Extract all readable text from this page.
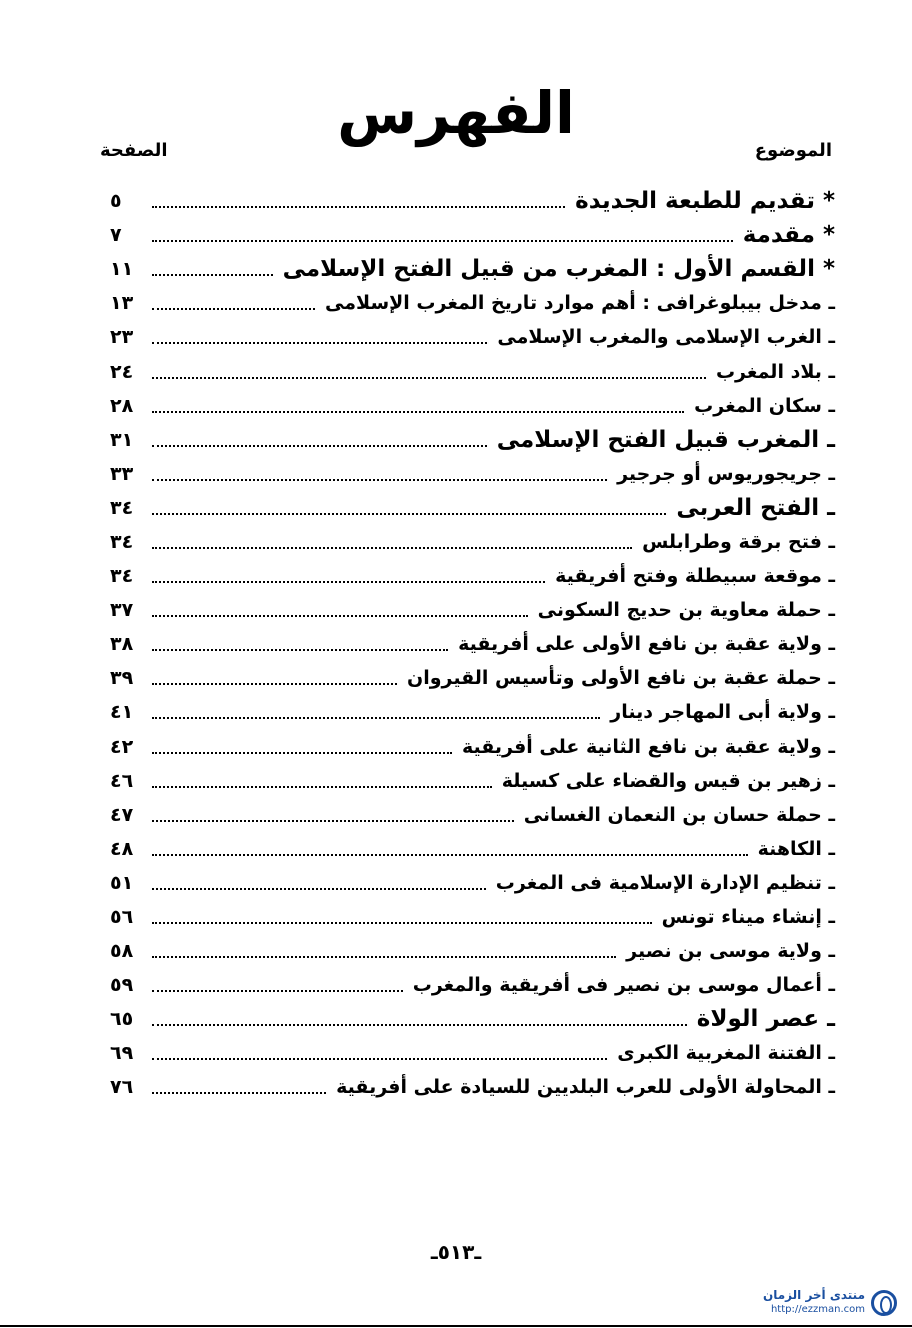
الفهرس
الموضوع
الصفحة
* تقديم للطبعة الجديدة
٥
* مقدمة
٧
* القسم الأول : المغرب من قبيل الفتح الإسلامى
١١
ـ مدخل بيبلوغرافى : أهم موارد تاريخ المغرب الإسلامى
١٣
ـ الغرب الإسلامى والمغرب الإسلامى
٢٣
ـ بلاد المغرب
٢٤
ـ سكان المغرب
٢٨
ـ المغرب قبيل الفتح الإسلامى
٣١
ـ جريجوريوس أو جرجير
٣٣
ـ الفتح العربى
٣٤
ـ فتح برقة وطرابلس
٣٤
ـ موقعة سبيطلة وفتح أفريقية
٣٤
ـ حملة معاوية بن حديج السكونى
٣٧
ـ ولاية عقبة بن نافع الأولى على أفريقية
٣٨
ـ حملة عقبة بن نافع الأولى وتأسيس القيروان
٣٩
ـ ولاية أبى المهاجر دينار
٤١
ـ ولاية عقبة بن نافع الثانية على أفريقية
٤٢
ـ زهير بن قيس والقضاء على كسيلة
٤٦
ـ حملة حسان بن النعمان الغسانى
٤٧
ـ الكاهنة
٤٨
ـ تنظيم الإدارة الإسلامية فى المغرب
٥١
ـ إنشاء ميناء تونس
٥٦
ـ ولاية موسى بن نصير
٥٨
ـ أعمال موسى بن نصير فى أفريقية والمغرب
٥٩
ـ عصر الولاة
٦٥
ـ الفتنة المغربية الكبرى
٦٩
ـ المحاولة الأولى للعرب البلديين للسيادة على أفريقية
٧٦
ـ٥١٣ـ
منتدى أخر الزمان
http://ezzman.com
